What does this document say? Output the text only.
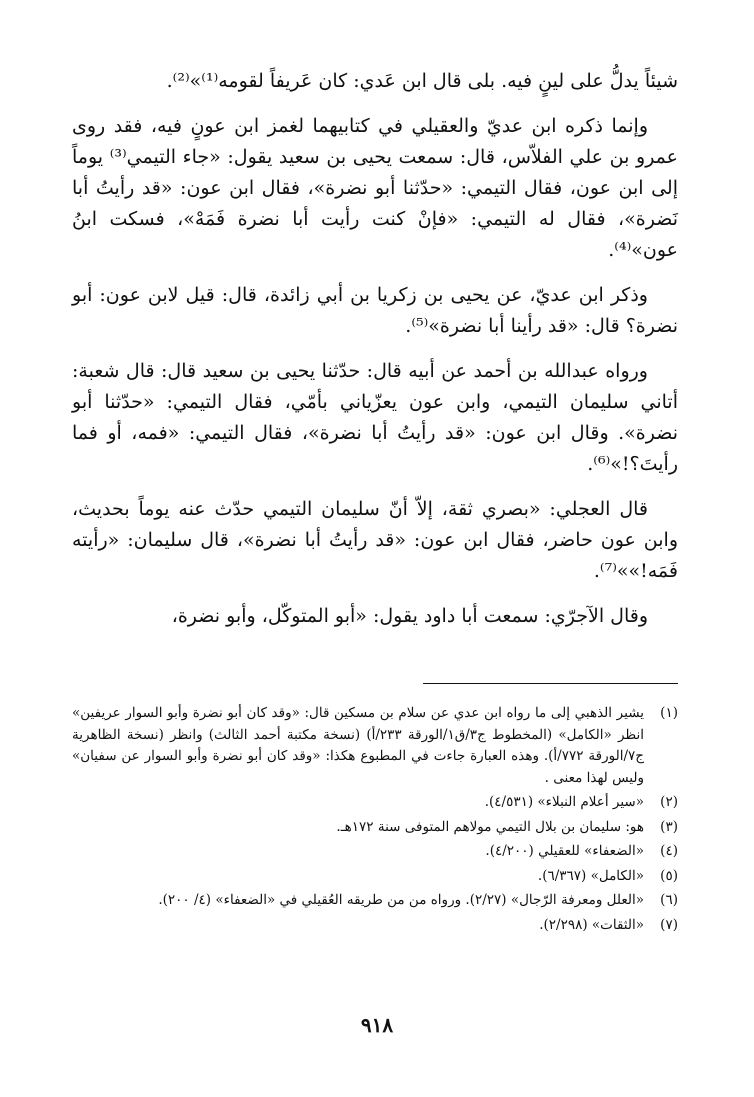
شيئاً يدلُّ على لينٍ فيه. بلى قال ابن عَدي: كان عَريفاً لقومه⁽¹⁾»⁽²⁾.

وإنما ذكره ابن عديّ والعقيلي في كتابيهما لغمز ابن عونٍ فيه، فقد روى عمرو بن علي الفلاّس، قال: سمعت يحيى بن سعيد يقول: «جاء التيمي⁽³⁾ يوماً إلى ابن عون، فقال التيمي: «حدّثنا أبو نضرة»، فقال ابن عون: «قد رأيتُ أبا نَضرة»، فقال له التيمي: «فإنْ كنت رأيت أبا نضرة فَمَهْ»، فسكت ابنُ عون»⁽⁴⁾.

وذكر ابن عديّ، عن يحيى بن زكريا بن أبي زائدة، قال: قيل لابن عون: أبو نضرة؟ قال: «قد رأينا أبا نضرة»⁽⁵⁾.

ورواه عبدالله بن أحمد عن أبيه قال: حدّثنا يحيى بن سعيد قال: قال شعبة: أتاني سليمان التيمي، وابن عون يعزّياني بأمّي، فقال التيمي: «حدّثنا أبو نضرة». وقال ابن عون: «قد رأيتُ أبا نضرة»، فقال التيمي: «فمه، أو فما رأيتَ؟!»⁽⁶⁾.

قال العجلي: «بصري ثقة، إلاّ أنّ سليمان التيمي حدّث عنه يوماً بحديث، وابن عون حاضر، فقال ابن عون: «قد رأيتُ أبا نضرة»، قال سليمان: «رأيته فَمَه!»»⁽⁷⁾.

وقال الآجرّي: سمعت أبا داود يقول: «أبو المتوكّل، وأبو نضرة،

(١)
يشير الذهبي إلى ما رواه ابن عدي عن سلام بن مسكين قال: «وقد كان أبو نضرة وأبو السوار عريفين» انظر «الكامل» (المخطوط ج٣/ق١/الورقة ٢٣٣/أ) (نسخة مكتبة أحمد الثالث) وانظر (نسخة الظاهرية ج٧/الورقة ٧٧٢/أ). وهذه العبارة جاءت في المطبوع هكذا: «وقد كان أبو نضرة وأبو السوار عن سفيان» وليس لهذا معنى .
(٢)
«سير أعلام النبلاء» (٤/٥٣١).
(٣)
هو: سليمان بن بلال التيمي مولاهم المتوفى سنة ١٧٢هـ.
(٤)
«الضعفاء» للعقيلي (٤/٢٠٠).
(٥)
«الكامل» (٦/٣٦٧).
(٦)
«العلل ومعرفة الرّجال» (٢/٢٧). ورواه من من طريقه العُقيلي في «الضعفاء» (٤/ ٢٠٠).
(٧)
«الثقات» (٢/٢٩٨).
٩١٨
